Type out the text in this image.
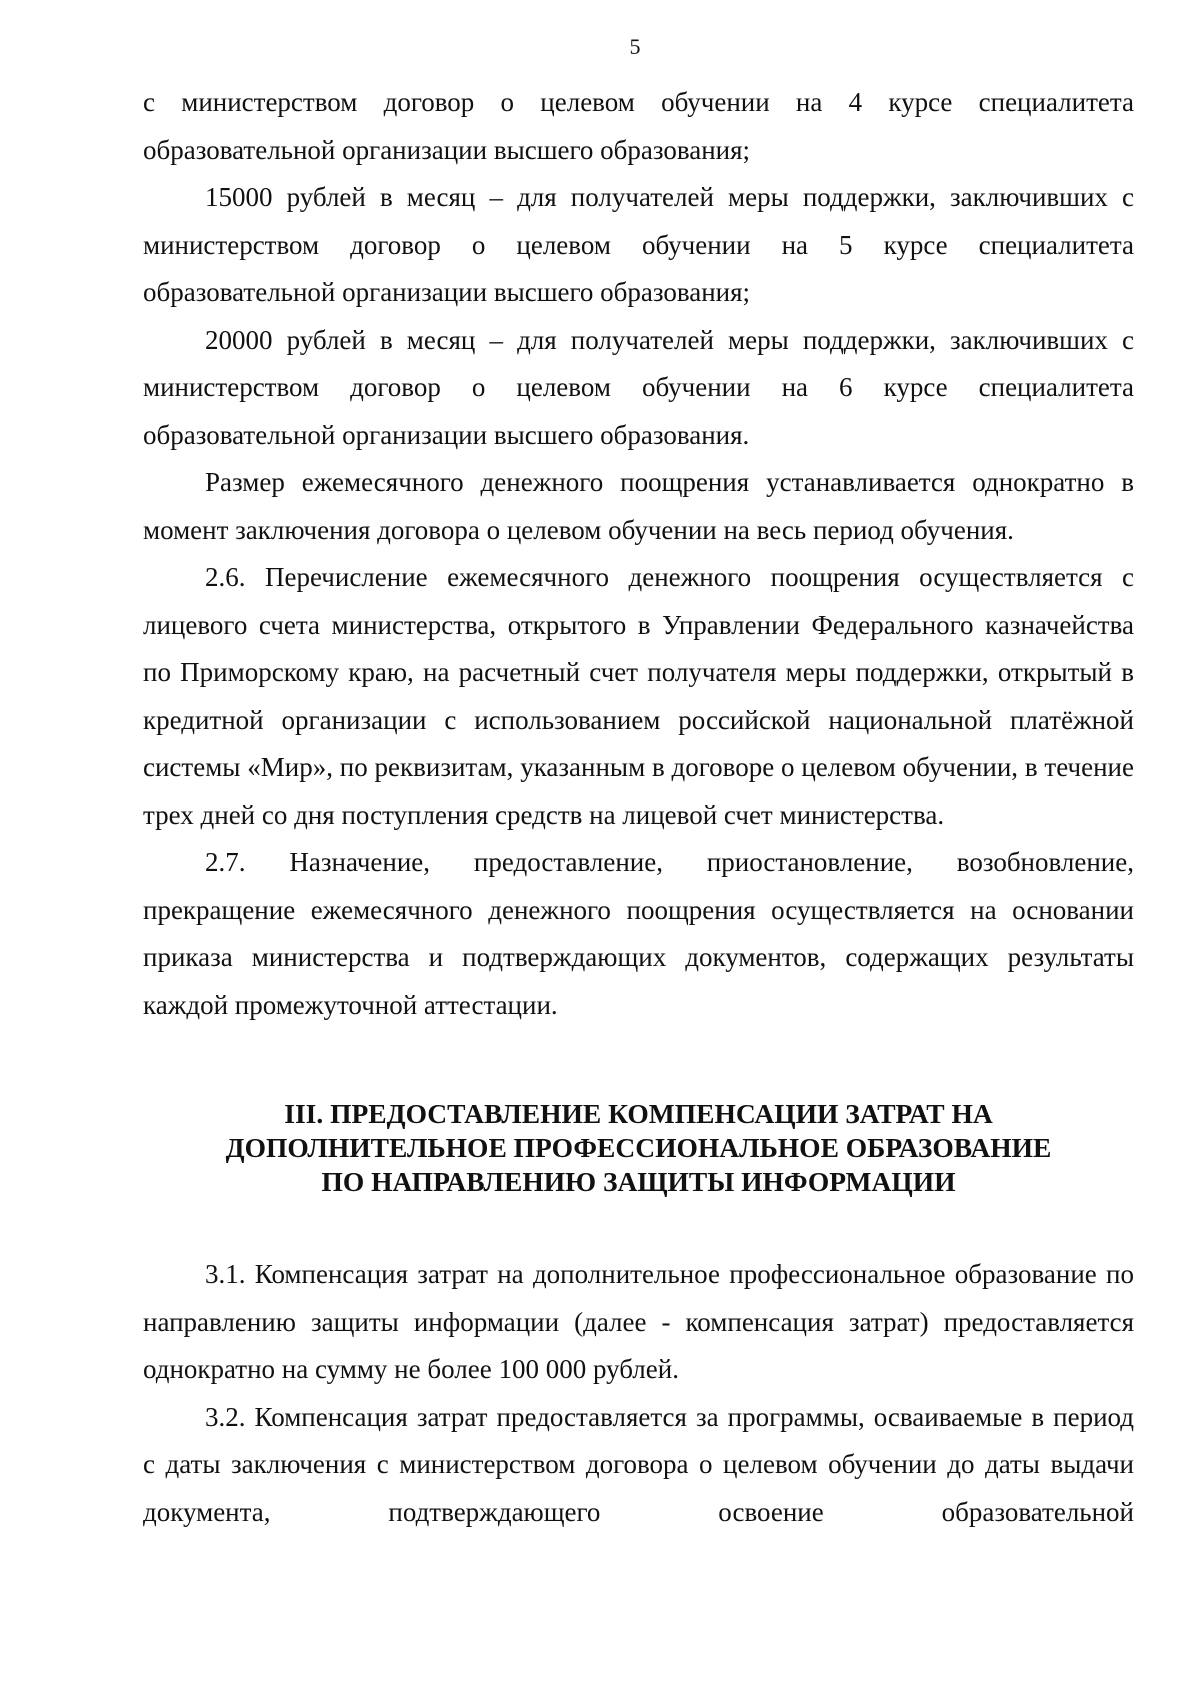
5

с министерством договор о целевом обучении на 4 курсе специалитета образовательной организации высшего образования;

15000 рублей в месяц – для получателей меры поддержки, заключивших с министерством договор о целевом обучении на 5 курсе специалитета образовательной организации высшего образования;

20000 рублей в месяц – для получателей меры поддержки, заключивших с министерством договор о целевом обучении на 6 курсе специалитета образовательной организации высшего образования.

Размер ежемесячного денежного поощрения устанавливается однократно в момент заключения договора о целевом обучении на весь период обучения.

2.6. Перечисление ежемесячного денежного поощрения осуществляется с лицевого счета министерства, открытого в Управлении Федерального казначейства по Приморскому краю, на расчетный счет получателя меры поддержки, открытый в кредитной организации с использованием российской национальной платёжной системы «Мир», по реквизитам, указанным в договоре о целевом обучении, в течение трех дней со дня поступления средств на лицевой счет министерства.

2.7. Назначение, предоставление, приостановление, возобновление, прекращение ежемесячного денежного поощрения осуществляется на основании приказа министерства и подтверждающих документов, содержащих результаты каждой промежуточной аттестации.

III. ПРЕДОСТАВЛЕНИЕ КОМПЕНСАЦИИ ЗАТРАТ НА
ДОПОЛНИТЕЛЬНОЕ ПРОФЕССИОНАЛЬНОЕ ОБРАЗОВАНИЕ
ПО НАПРАВЛЕНИЮ ЗАЩИТЫ ИНФОРМАЦИИ

3.1. Компенсация затрат на дополнительное профессиональное образование по направлению защиты информации (далее - компенсация затрат) предоставляется однократно на сумму не более 100 000 рублей.

3.2. Компенсация затрат предоставляется за программы, осваиваемые в период с даты заключения с министерством договора о целевом обучении до даты выдачи документа, подтверждающего освоение образовательной
